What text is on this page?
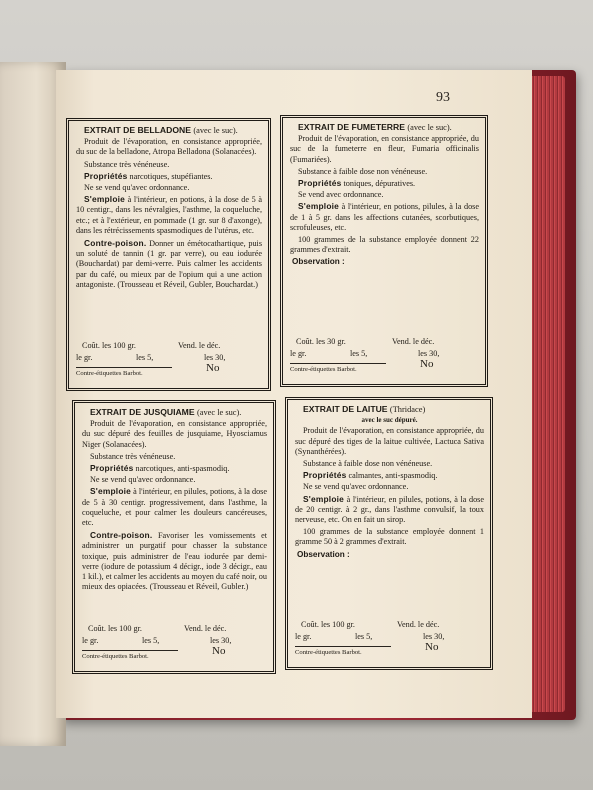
93
EXTRAIT DE BELLADONE (avec le suc).
Produit de l'évaporation, en consistance appropriée, du suc de la belladone, Atropa Belladona (Solanacées).
Substance très vénéneuse.
Propriétés narcotiques, stupéfiantes.
Ne se vend qu'avec ordonnance.
S'emploie à l'intérieur, en potions, à la dose de 5 à 10 centigr., dans les névralgies, l'asthme, la coqueluche, etc.; et à l'extérieur, en pommade (1 gr. sur 8 d'axonge), dans les rétrécissements spasmodiques de l'utérus, etc.
Contre-poison. Donner un émétocathartique, puis un soluté de tannin (1 gr. par verre), ou eau iodurée (Bouchardat) par demi-verre. Puis calmer les accidents par du café, ou mieux par de l'opium qui a une action antagoniste. (Trousseau et Réveil, Gubler, Bouchardat.)
Coût. les 100 gr.	Vend. le déc.
le gr.	les 5,	les 30,
Contre-étiquettes Barbot.	No
EXTRAIT DE FUMETERRE (avec le suc).
Produit de l'évaporation, en consistance appropriée, du suc de la fumeterre en fleur, Fumaria officinalis (Fumariées).
Substance à faible dose non vénéneuse.
Propriétés toniques, dépuratives.
Se vend avec ordonnance.
S'emploie à l'intérieur, en potions, pilules, à la dose de 1 à 5 gr. dans les affections cutanées, scorbutiques, scrofuleuses, etc.
100 grammes de la substance employée donnent 22 grammes d'extrait.
Observation :
Coût. les 30 gr.	Vend. le déc.
le gr.	les 5,	les 30,
Contre-étiquettes Barbot.	No
EXTRAIT DE JUSQUIAME (avec le suc).
Produit de l'évaporation, en consistance appropriée, du suc dépuré des feuilles de jusquiame, Hyosciamus Niger (Solanacées).
Substance très vénéneuse.
Propriétés narcotiques, anti-spasmodiq.
Ne se vend qu'avec ordonnance.
S'emploie à l'intérieur, en pilules, potions, à la dose de 5 à 30 centigr. progressivement, dans l'asthme, la coqueluche, et pour calmer les douleurs cancéreuses, etc.
Contre-poison. Favoriser les vomissements et administrer un purgatif pour chasser la substance toxique, puis administrer de l'eau iodurée par demi-verre (iodure de potassium 4 décigr., iode 3 décigr., eau 1 kil.), et calmer les accidents au moyen du café noir, ou mieux des opiacées. (Trousseau et Réveil, Gubler.)
Coût. les 100 gr.	Vend. le déc.
le gr.	les 5,	les 30,
Contre-étiquettes Barbot.	No
EXTRAIT DE LAITUE (Thridace)
avec le suc dépuré.
Produit de l'évaporation, en consistance appropriée, du suc dépuré des tiges de la laitue cultivée, Lactuca Sativa (Synanthérées).
Substance à faible dose non vénéneuse.
Propriétés calmantes, anti-spasmodiq.
Ne se vend qu'avec ordonnance.
S'emploie à l'intérieur, en pilules, potions, à la dose de 20 centigr. à 2 gr., dans l'asthme convulsif, la toux nerveuse, etc. On en fait un sirop.
100 grammes de la substance employée donnent 1 gramme 50 à 2 grammes d'extrait.
Observation :
Coût. les 100 gr.	Vend. le déc.
le gr.	les 5,	les 30,
Contre-étiquettes Barbot.	No
